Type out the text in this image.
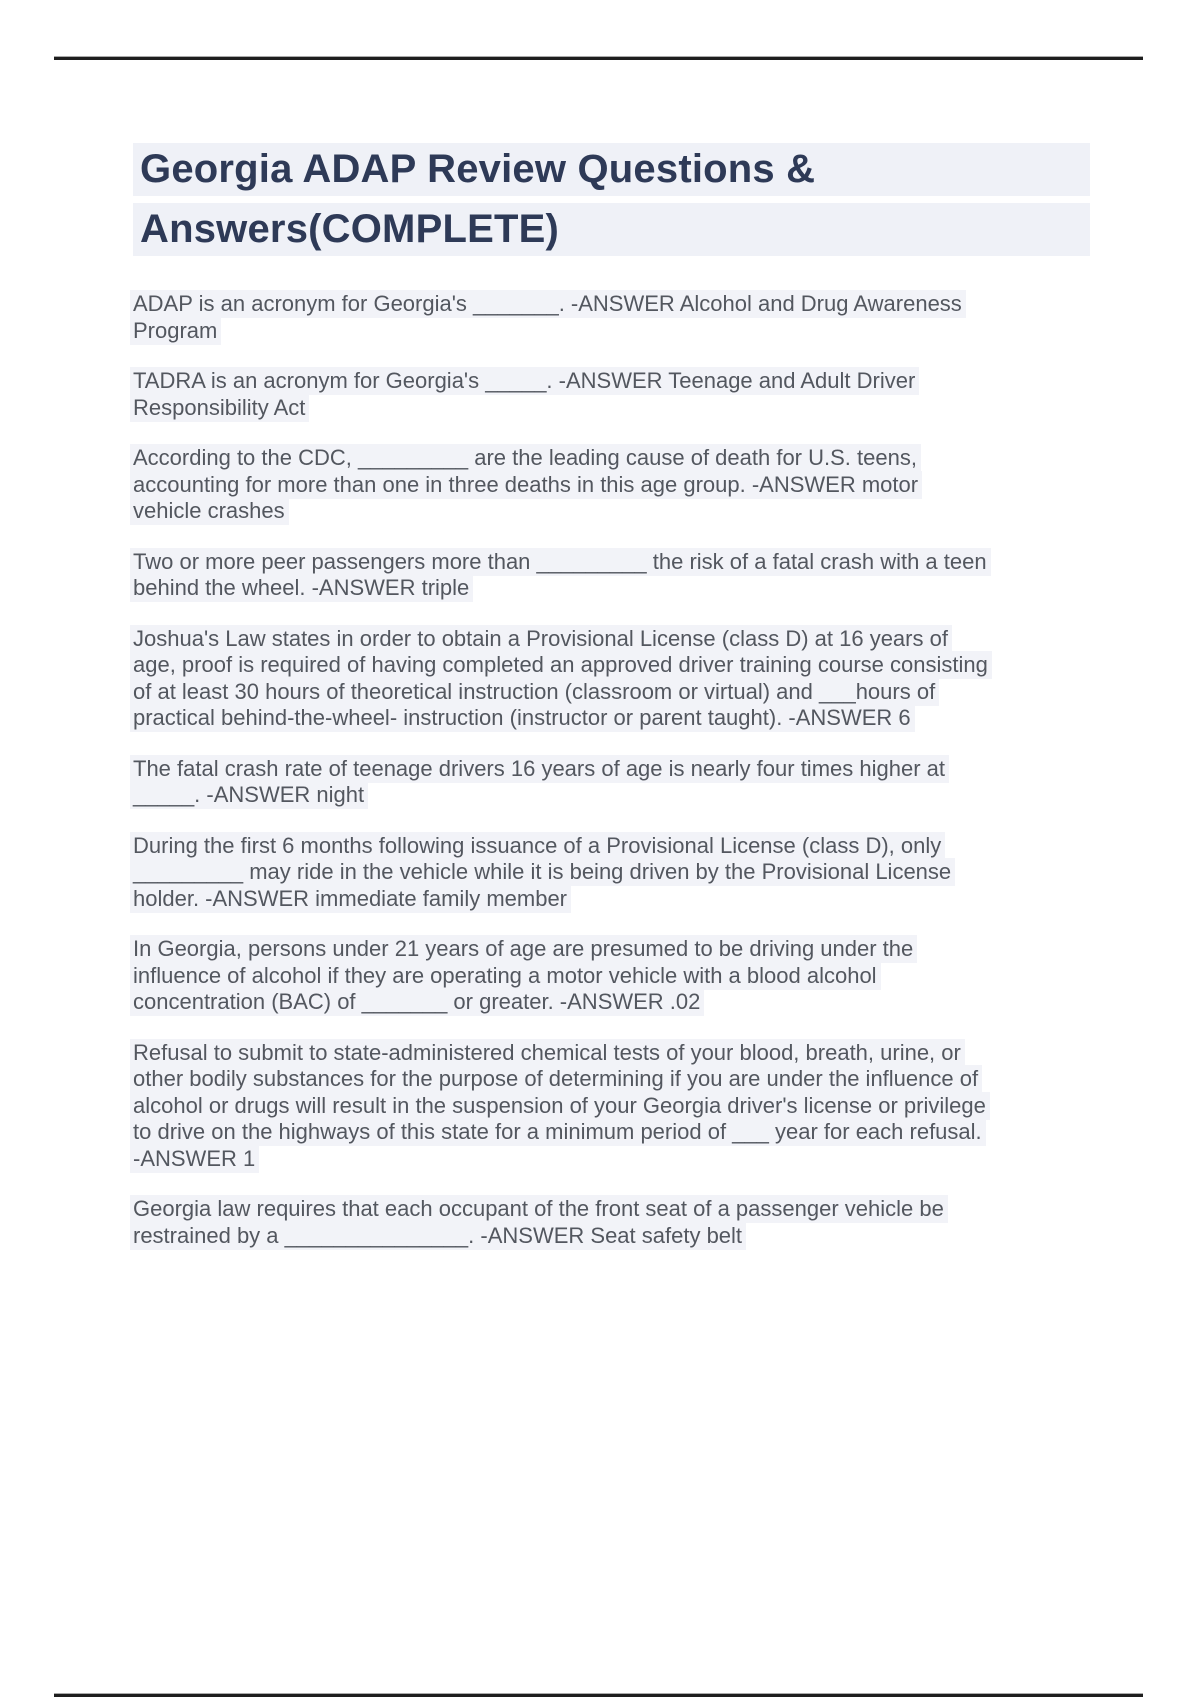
Georgia ADAP Review Questions &
Answers(COMPLETE)
ADAP is an acronym for Georgia's _______. -ANSWER Alcohol and Drug Awareness
Program
TADRA is an acronym for Georgia's _____. -ANSWER Teenage and Adult Driver
Responsibility Act
According to the CDC, _________ are the leading cause of death for U.S. teens,
accounting for more than one in three deaths in this age group. -ANSWER motor
vehicle crashes
Two or more peer passengers more than _________ the risk of a fatal crash with a teen
behind the wheel. -ANSWER triple
Joshua's Law states in order to obtain a Provisional License (class D) at 16 years of
age, proof is required of having completed an approved driver training course consisting
of at least 30 hours of theoretical instruction (classroom or virtual) and ___hours of
practical behind-the-wheel- instruction (instructor or parent taught). -ANSWER 6
The fatal crash rate of teenage drivers 16 years of age is nearly four times higher at
_____. -ANSWER night
During the first 6 months following issuance of a Provisional License (class D), only
_________ may ride in the vehicle while it is being driven by the Provisional License
holder. -ANSWER immediate family member
In Georgia, persons under 21 years of age are presumed to be driving under the
influence of alcohol if they are operating a motor vehicle with a blood alcohol
concentration (BAC) of _______ or greater. -ANSWER .02
Refusal to submit to state-administered chemical tests of your blood, breath, urine, or
other bodily substances for the purpose of determining if you are under the influence of
alcohol or drugs will result in the suspension of your Georgia driver's license or privilege
to drive on the highways of this state for a minimum period of ___ year for each refusal.
-ANSWER 1
Georgia law requires that each occupant of the front seat of a passenger vehicle be
restrained by a _______________. -ANSWER Seat safety belt
